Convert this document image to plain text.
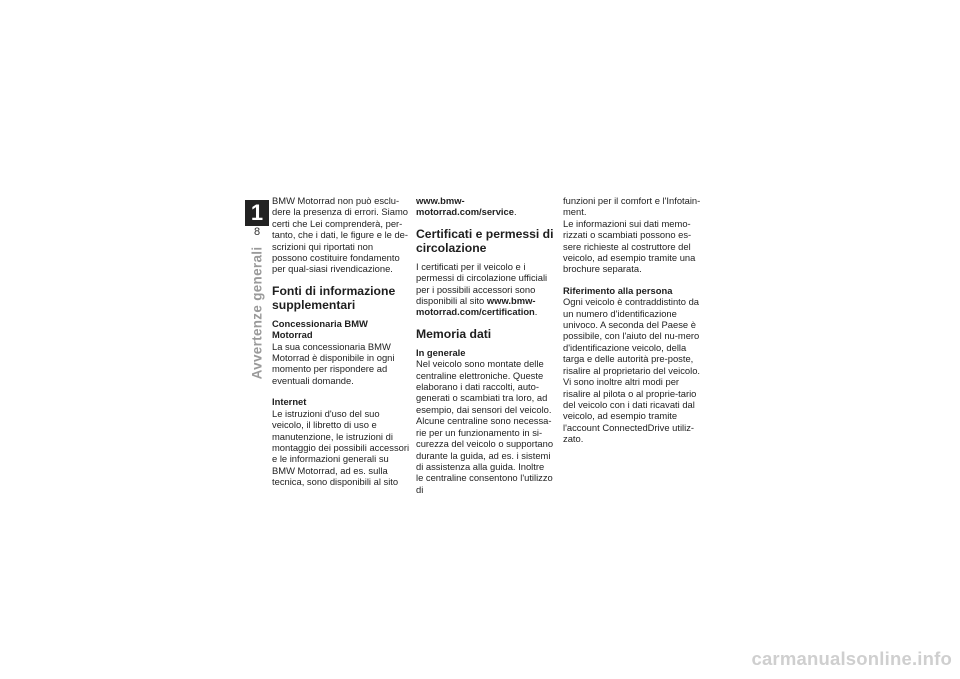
1
8
Avvertenze generali

BMW Motorrad non può esclu-dere la presenza di errori. Siamo certi che Lei comprenderà, per-tanto, che i dati, le figure e le de-scrizioni qui riportati non possono costituire fondamento per qual-siasi rivendicazione.

Fonti di informazione supplementari
Concessionaria BMW Motorrad

La sua concessionaria BMW Motorrad è disponibile in ogni momento per rispondere ad eventuali domande.

Internet

Le istruzioni d'uso del suo veicolo, il libretto di uso e manutenzione, le istruzioni di montaggio dei possibili accessori e le informazioni generali su BMW Motorrad, ad es. sulla tecnica, sono disponibili al sito

www.bmw-motorrad.com/service.

Certificati e permessi di circolazione

I certificati per il veicolo e i permessi di circolazione ufficiali per i possibili accessori sono disponibili al sito www.bmw-motorrad.com/certification.

Memoria dati
In generale

Nel veicolo sono montate delle centraline elettroniche. Queste elaborano i dati raccolti, auto-generati o scambiati tra loro, ad esempio, dai sensori del veicolo. Alcune centraline sono necessa-rie per un funzionamento in si-curezza del veicolo o supportano durante la guida, ad es. i sistemi di assistenza alla guida. Inoltre le centraline consentono l'utilizzo di

funzioni per il comfort e l'Infotain-ment.

Le informazioni sui dati memo-rizzati o scambiati possono es-sere richieste al costruttore del veicolo, ad esempio tramite una brochure separata.

Riferimento alla persona

Ogni veicolo è contraddistinto da un numero d'identificazione univoco. A seconda del Paese è possibile, con l'aiuto del nu-mero d'identificazione veicolo, della targa e delle autorità pre-poste, risalire al proprietario del veicolo. Vi sono inoltre altri modi per risalire al pilota o al proprie-tario del veicolo con i dati ricavati dal veicolo, ad esempio tramite l'account ConnectedDrive utiliz-zato.

carmanualsonline.info
